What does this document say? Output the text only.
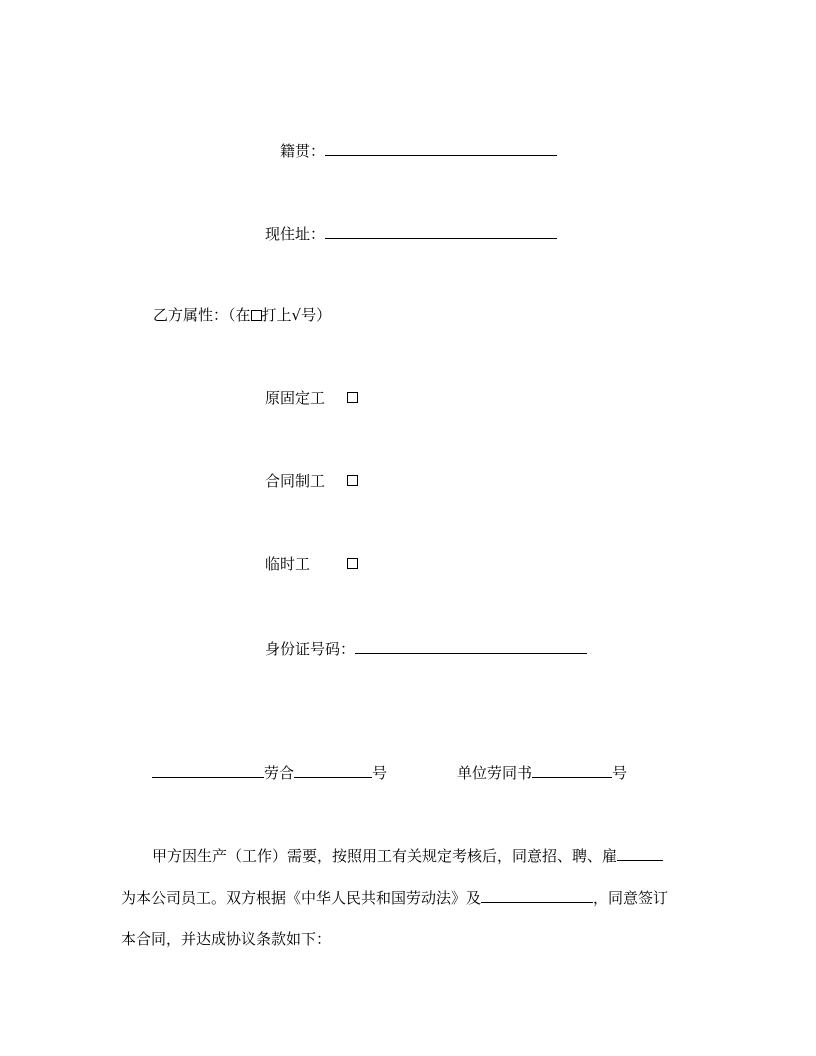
籍贯：
现住址：
乙方属性：（在 打上√号）
原固定工
合同制工
临时工
身份证号码：
劳合	号	单位劳同书	号
甲方因生产（工作）需要，按照用工有关规定考核后，同意招、聘、雇
为本公司员工。双方根据《中华人民共和国劳动法》及	，同意签订
本合同，并达成协议条款如下：
